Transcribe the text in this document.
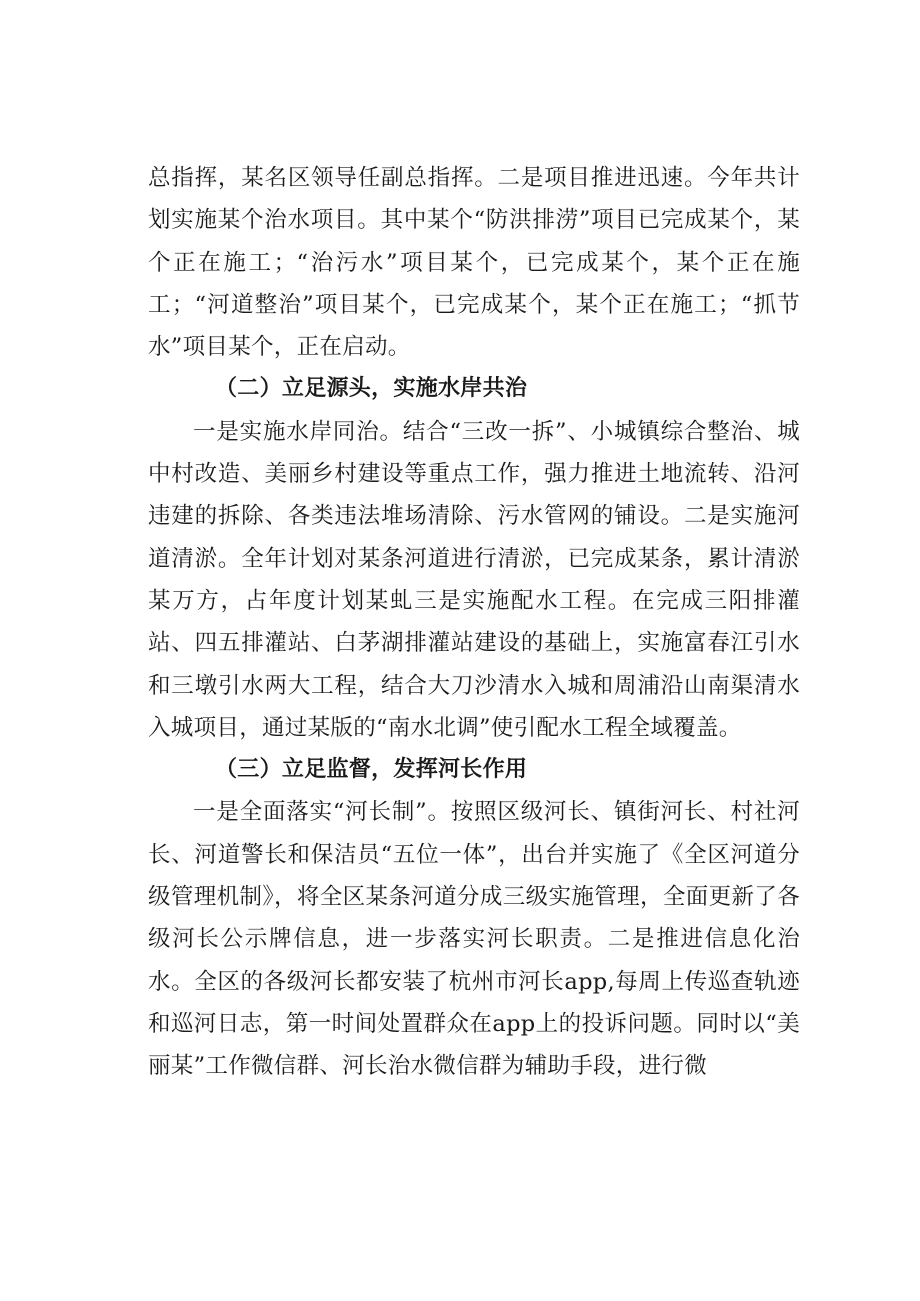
总指挥，某名区领导任副总指挥。二是项目推进迅速。今年共计划实施某个治水项目。其中某个“防洪排涝”项目已完成某个，某个正在施工；“治污水”项目某个，已完成某个，某个正在施工；“河道整治”项目某个，已完成某个，某个正在施工；“抓节水”项目某个，正在启动。

（二）立足源头，实施水岸共治

一是实施水岸同治。结合“三改一拆”、小城镇综合整治、城中村改造、美丽乡村建设等重点工作，强力推进土地流转、沿河违建的拆除、各类违法堆场清除、污水管网的铺设。二是实施河道清淤。全年计划对某条河道进行清淤，已完成某条，累计清淤某万方，占年度计划某虬三是实施配水工程。在完成三阳排灌站、四五排灌站、白茅湖排灌站建设的基础上，实施富春江引水和三墩引水两大工程，结合大刀沙清水入城和周浦沿山南渠清水入城项目，通过某版的“南水北调”使引配水工程全域覆盖。

（三）立足监督，发挥河长作用

一是全面落实“河长制”。按照区级河长、镇街河长、村社河长、河道警长和保洁员“五位一体”，出台并实施了《全区河道分级管理机制》，将全区某条河道分成三级实施管理，全面更新了各级河长公示牌信息，进一步落实河长职责。二是推进信息化治水。全区的各级河长都安装了杭州市河长app,每周上传巡查轨迹和巡河日志，第一时间处置群众在app上的投诉问题。同时以“美丽某”工作微信群、河长治水微信群为辅助手段，进行微
